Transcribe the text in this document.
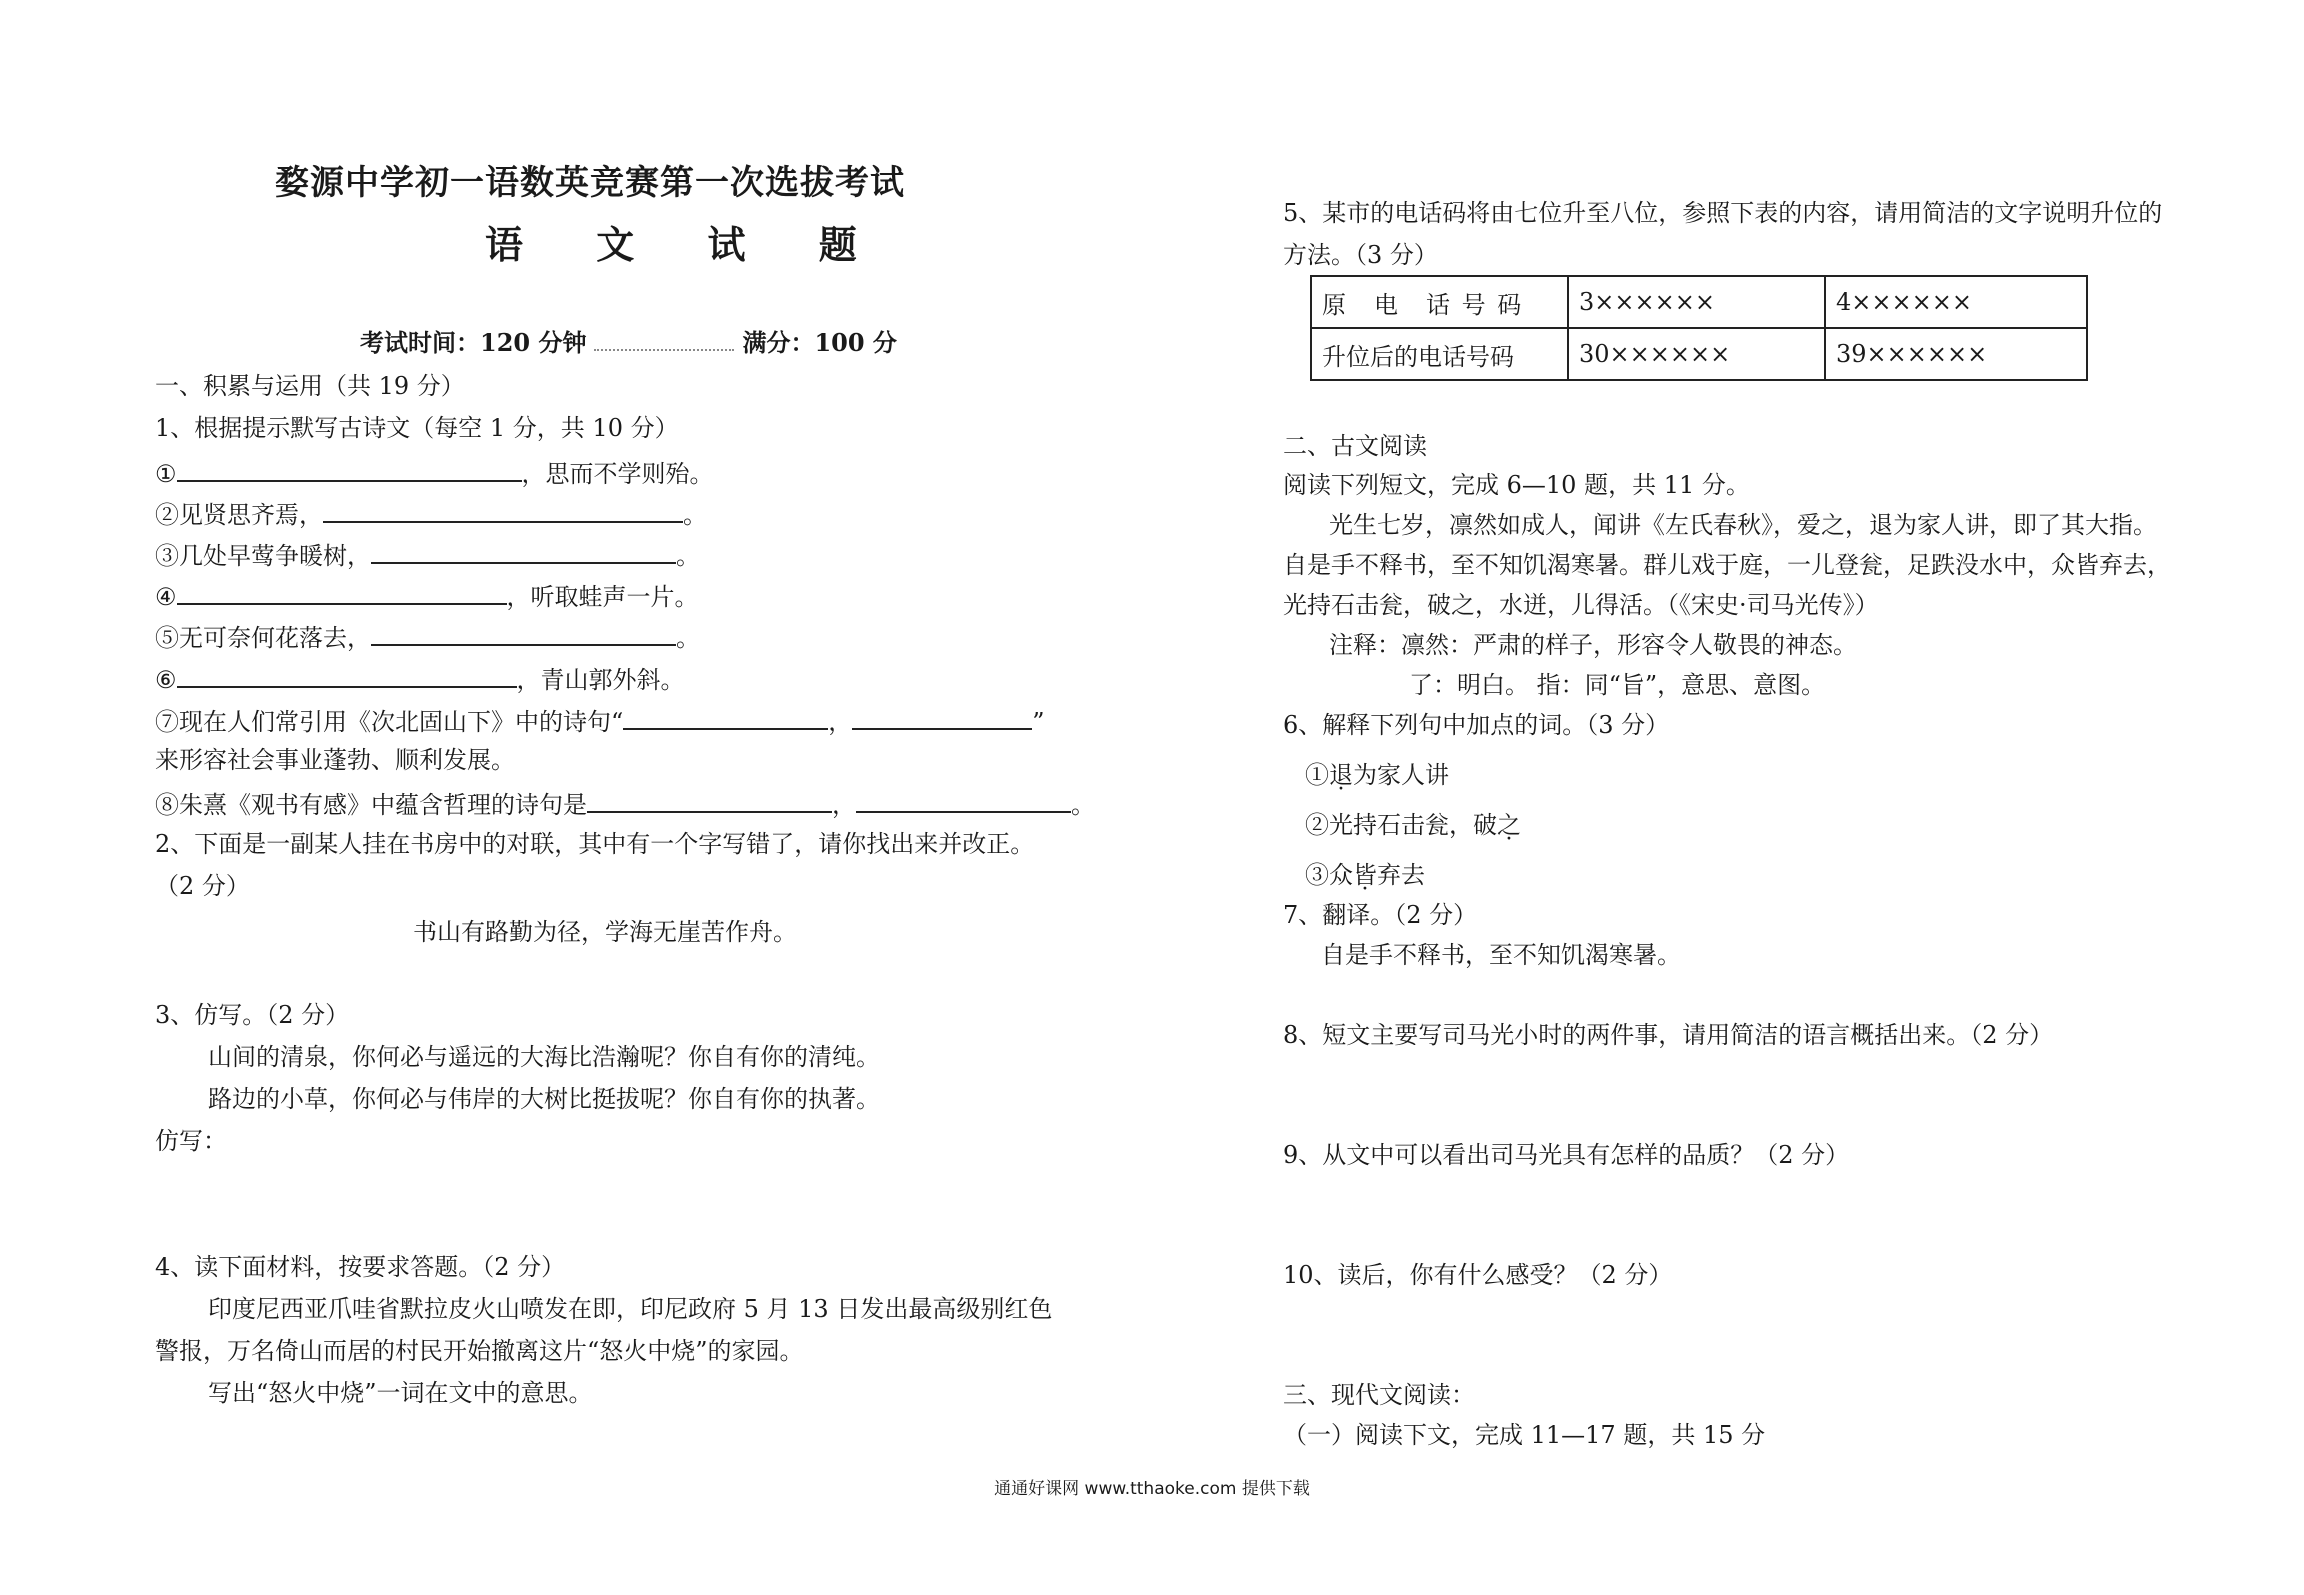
婺源中学初一语数英竞赛第一次选拔考试
语 文 试 题
考试时间：120 分钟	满分：100 分
一、积累与运用（共 19 分）
1、根据提示默写古诗文（每空 1 分，共 10 分）
①	，思而不学则殆。
②见贤思齐焉，	。
③几处早莺争暖树，	。
④	，听取蛙声一片。
⑤无可奈何花落去，	。
⑥	，青山郭外斜。
⑦现在人们常引用《次北固山下》中的诗句“	，	”
来形容社会事业蓬勃、顺利发展。
⑧朱熹《观书有感》中蕴含哲理的诗句是	，	。
2、下面是一副某人挂在书房中的对联，其中有一个字写错了，请你找出来并改正。
（2 分）
书山有路勤为径，学海无崖苦作舟。
3、仿写。（2 分）
山间的清泉，你何必与遥远的大海比浩瀚呢？你自有你的清纯。
路边的小草，你何必与伟岸的大树比挺拔呢？你自有你的执著。
仿写：
4、读下面材料，按要求答题。（2 分）
印度尼西亚爪哇省默拉皮火山喷发在即，印尼政府 5 月 13 日发出最高级别红色
警报，万名倚山而居的村民开始撤离这片“怒火中烧”的家园。
写出“怒火中烧”一词在文中的意思。
5、某市的电话码将由七位升至八位，参照下表的内容，请用简洁的文字说明升位的
方法。（3 分）
原　电　话 号 码	3××××××	4××××××
升位后的电话号码	30××××××	39××××××
二、古文阅读
阅读下列短文，完成 6—10 题，共 11 分。
光生七岁，凛然如成人，闻讲《左氏春秋》，爱之，退为家人讲，即了其大指。
自是手不释书，至不知饥渴寒暑。群儿戏于庭，一儿登瓮，足跌没水中，众皆弃去，
光持石击瓮，破之，水迸，儿得活。（《宋史·司马光传》）
注释：凛然：严肃的样子，形容令人敬畏的神态。
了：明白。 指：同“旨”，意思、意图。
6、解释下列句中加点的词。（3 分）
①退为家人讲
②光持石击瓮，破之
③众皆弃去
7、翻译。（2 分）
自是手不释书，至不知饥渴寒暑。
8、短文主要写司马光小时的两件事，请用简洁的语言概括出来。（2 分）
9、从文中可以看出司马光具有怎样的品质？（2 分）
10、读后，你有什么感受？（2 分）
三、现代文阅读：
（一）阅读下文，完成 11—17 题，共 15 分
通通好课网 www.tthaoke.com 提供下载
